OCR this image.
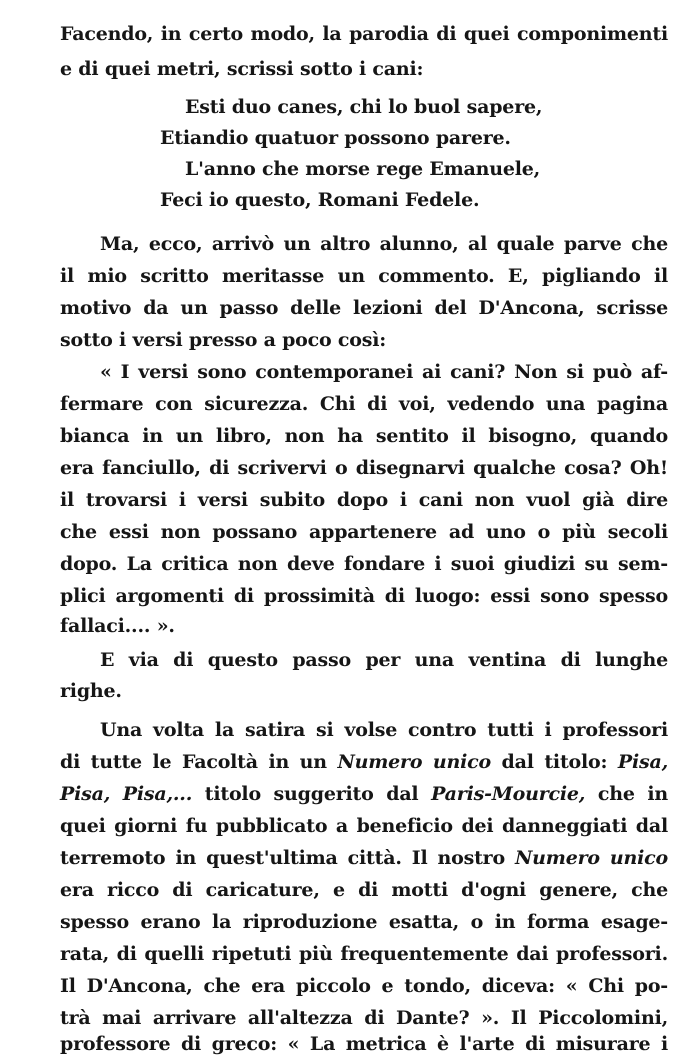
Facendo, in certo modo, la parodia di quei componimenti
e di quei metri, scrissi sotto i cani:
Esti duo canes, chi lo buol sapere,
Etiandio quatuor possono parere.
L'anno che morse rege Emanuele,
Feci io questo, Romani Fedele.
Ma, ecco, arrivò un altro alunno, al quale parve che
il mio scritto meritasse un commento. E, pigliando il
motivo da un passo delle lezioni del D'Ancona, scrisse
sotto i versi presso a poco così:
« I versi sono contemporanei ai cani? Non si può af-
fermare con sicurezza. Chi di voi, vedendo una pagina
bianca in un libro, non ha sentito il bisogno, quando
era fanciullo, di scrivervi o disegnarvi qualche cosa? Oh!
il trovarsi i versi subito dopo i cani non vuol già dire
che essi non possano appartenere ad uno o più secoli
dopo. La critica non deve fondare i suoi giudizi su sem-
plici argomenti di prossimità di luogo: essi sono spesso
fallaci.... ».
E via di questo passo per una ventina di lunghe
righe.
Una volta la satira si volse contro tutti i professori
di tutte le Facoltà in un Numero unico dal titolo: Pisa,
Pisa, Pisa,... titolo suggerito dal Paris-Mourcie, che in
quei giorni fu pubblicato a beneficio dei danneggiati dal
terremoto in quest'ultima città. Il nostro Numero unico
era ricco di caricature, e di motti d'ogni genere, che
spesso erano la riproduzione esatta, o in forma esage-
rata, di quelli ripetuti più frequentemente dai professori.
Il D'Ancona, che era piccolo e tondo, diceva: « Chi po-
trà mai arrivare all'altezza di Dante? ». Il Piccolomini,
professore di greco: « La metrica è l'arte di misurare i
